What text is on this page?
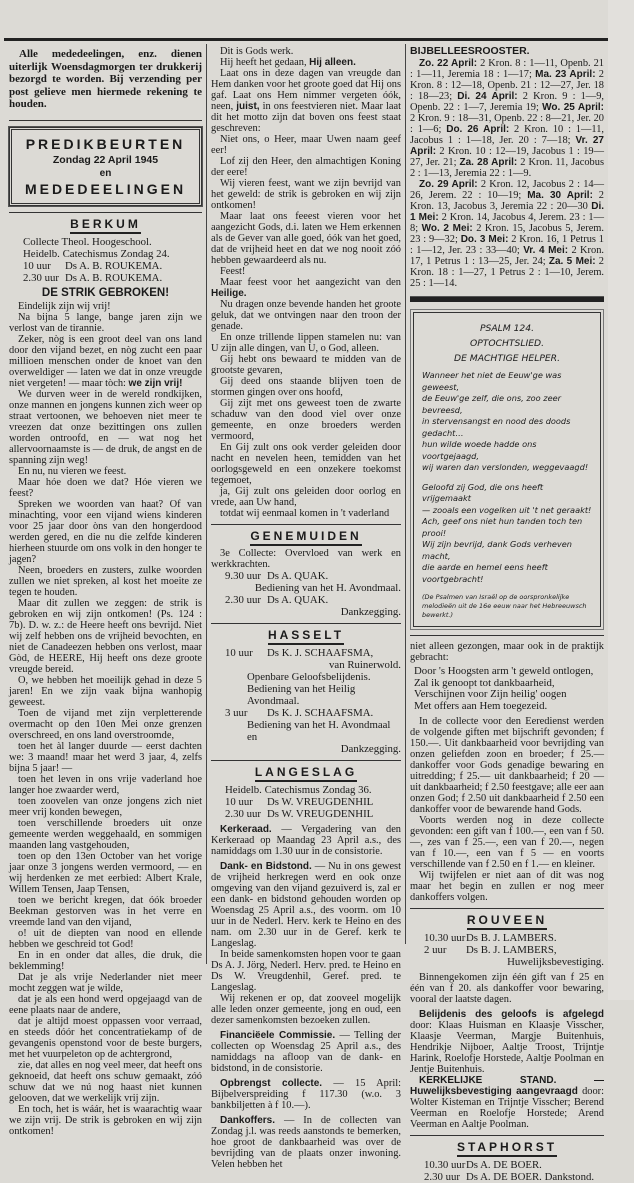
Alle mededeelingen, enz. dienen uiterlijk Woensdagmorgen ter drukkerij bezorgd te worden. Bij verzending per post gelieve men hiermede rekening te houden.
PREDIKBEURTEN
Zondag 22 April 1945
en
MEDEDEELINGEN
BERKUM
Collecte Theol. Hoogeschool.
Heidelb. Catechismus Zondag 24.
10 uur	Ds A. B. ROUKEMA.
2.30 uur Ds A. B. ROUKEMA.
DE STRIK GEBROKEN!

Eindelijk zijn wij vrij!

Na bijna 5 lange, bange jaren zijn we verlost van de tirannie.

Zeker, nòg is een groot deel van ons land door den vijand bezet, en nòg zucht een paar millioen menschen onder de knoet van den overweldiger — laten we dat in onze vreugde niet vergeten! — maar tòch: we zijn vrij!

We durven weer in de wereld rondkijken, onze mannen en jongens kunnen zich weer op straat vertoonen, we behoeven niet meer te vreezen dat onze bezittingen ons zullen worden ontroofd, en — wat nog het allervoornaamste is — de druk, de angst en de spanning zijn weg!

En nu, nu vieren we feest.

Maar hóe doen we dat? Hóe vieren we feest?

Spreken we woorden van haat? Of van minachting, voor een vijand wiens kinderen voor 25 jaar door òns van den hongerdood werden gered, en die nu die zelfde kinderen hierheen stuurde om ons volk in den honger te jagen?

Neen, broeders en zusters, zulke woorden zullen we niet spreken, al kost het moeite ze tegen te houden.

Maar dit zullen we zeggen: de strik is gebroken en wij zijn ontkomen! (Ps. 124 : 7b). D. w. z.: de Heere heeft ons bevrijd. Niet wij zelf hebben ons de vrijheid bevochten, en niet de Canadeezen hebben ons verlost, maar Gòd, de HEERE, Hij heeft ons deze groote vreugde bereid.

O, we hebben het moeilijk gehad in deze 5 jaren! En we zijn vaak bijna wanhopig geweest.

Toen de vijand met zijn verpletterende overmacht op den 10en Mei onze grenzen overschreed, en ons land overstroomde,

toen het àl langer duurde — eerst dachten we: 3 maand! maar het werd 3 jaar, 4, zelfs bijna 5 jaar! —

toen het leven in ons vrije vaderland hoe langer hoe zwaarder werd,

toen zoovelen van onze jongens zich niet meer vrij konden bewegen,

toen verschillende broeders uit onze gemeente werden weggehaald, en sommigen maanden lang vastgehouden,

toen op den 13en October van het vorige jaar onze 3 jongens werden vermoord, — en wij herdenken ze met eerbied: Albert Krale, Willem Tensen, Jaap Tensen,

toen we bericht kregen, dat óók broeder Beekman gestorven was in het verre en vreemde land van den vijand,

o! uit de diepten van nood en ellende hebben we geschreid tot God!

En in en onder dat alles, die druk, die beklemming!

Dat je als vrije Nederlander niet meer mocht zeggen wat je wilde,

dat je als een hond werd opgejaagd van de eene plaats naar de andere,

dat je altijd moest oppassen voor verraad, en steeds dóór het concentratiekamp of de gevangenis openstond voor de beste burgers, met het vuurpeleton op de achtergrond,

zie, dat alles en nog veel meer, dat heeft ons geknoeid, dat heeft ons schuw gemaakt, zóó schuw dat we nú nog haast niet kunnen gelooven, dat we werkelijk vrij zijn.

En toch, het is wáár, het is waarachtig waar we zijn vrij. De strik is gebroken en wij zijn ontkomen!

Dit is Gods werk.

Hij heeft het gedaan, Hij alleen.

Laat ons in deze dagen van vreugde dan Hem danken voor het groote goed dat Hij ons gaf. Laat ons Hem nimmer vergeten óók, neen, juist, in ons feestvieren niet. Maar laat dit het motto zijn dat boven ons feest staat geschreven:

Niet ons, o Heer, maar Uwen naam geef eer!

Lof zij den Heer, den almachtigen Koning der eere!

Wij vieren feest, want we zijn bevrijd van het geweld: de strik is gebroken en wij zijn ontkomen!

Maar laat ons feeest vieren voor het aangezicht Gods, d.i. laten we Hem erkennen als de Gever van alle goed, óók van het goed, dat de vrijheid heet en dat we nog nooit zóó hebben gewaardeerd als nu.

Feest!

Maar feest voor het aangezicht van den Heilige.

Nu dragen onze bevende handen het groote geluk, dat we ontvingen naar den troon der genade.

En onze trillende lippen stamelen nu: van U zijn alle dingen, van U, o God, alleen.

Gij hebt ons bewaard te midden van de grootste gevaren,

Gij deed ons staande blijven toen de stormen gingen over ons hoofd,

Gij zijt met ons geweest toen de zwarte schaduw van den dood viel over onze gemeente, en onze broeders werden vermoord,

En Gij zult ons ook verder geleiden door nacht en nevelen heen, temidden van het oorlogsgeweld en een onzekere toekomst tegemoet,

ja, Gij zult ons geleiden door oorlog en vrede, aan Uw hand,

totdat wij eenmaal komen in 't vaderland

GENEMUIDEN

3e Collecte: Overvloed van werk en werkkrachten.

9.30 uur Ds A. QUAK.
Bediening van het H. Avondmaal.
2.30 uur Ds A. QUAK.
Dankzegging.
HASSELT
10 uur	Ds K. J. SCHAAFSMA,
van Ruinerwold.
Openbare Geloofsbelijdenis.
Bediening van het Heilig Avondmaal.
3 uur	Ds K. J. SCHAAFSMA.
Bediening van het H. Avondmaal en
Dankzegging.
LANGESLAG
Heidelb. Catechismus Zondag 36.
10 uur	Ds W. VREUGDENHIL
2.30 uur Ds W. VREUGDENHIL

Kerkeraad. — Vergadering van den Kerkeraad op Maandag 23 April a.s., des namiddags om 1.30 uur in de consistorie.

Dank- en Bidstond. — Nu in ons gewest de vrijheid herkregen werd en ook onze omgeving van den vijand gezuiverd is, zal er een dank- en bidstond gehouden worden op Woensdag 25 April a.s., des voorm. om 10 uur in de Nederl. Herv. kerk te Heino en des nam. om 2.30 uur in de Geref. kerk te Langeslag.

In beide samenkomsten hopen voor te gaan Ds A. J. Jörg, Nederl. Herv. pred. te Heino en Ds W. Vreugdenhil, Geref. pred. te Langeslag.

Wij rekenen er op, dat zooveel mogelijk alle leden onzer gemeente, jong en oud, een dezer samenkomsten bezoeken zullen.

Financiëele Commissie. — Telling der collecten op Woensdag 25 April a.s., des namiddags na afloop van de dank- en bidstond, in de consistorie.

Opbrengst collecte. — 15 April: Bijbelverspreiding f 117.30 (w.o. 3 bankbiljetten à f 10.—).

Dankoffers. — In de collecten van Zondag j.l. was reeds aanstonds te bemerken, hoe groot de dankbaarheid was over de bevrijding van de plaats onzer inwoning. Velen hebben het

BIJBELLEESROOSTER.

Zo. 22 April: 2 Kron. 8 : 1—11, Openb. 21 : 1—11, Jeremia 18 : 1—17; Ma. 23 April: 2 Kron. 8 : 12—18, Openb. 21 : 12—27, Jer. 18 : 18—23; Di. 24 April: 2 Kron. 9 : 1—9, Openb. 22 : 1—7, Jeremia 19; Wo. 25 April: 2 Kron. 9 : 18—31, Openb. 22 : 8—21, Jer. 20 : 1—6; Do. 26 April: 2 Kron. 10 : 1—11, Jacobus 1 : 1—18, Jer. 20 : 7—18; Vr. 27 April: 2 Kron. 10 : 12—19, Jacobus 1 : 19—27, Jer. 21; Za. 28 April: 2 Kron. 11, Jacobus 2 : 1—13, Jeremia 22 : 1—9.

Zo. 29 April: 2 Kron. 12, Jacobus 2 : 14—26, Jerem. 22 : 10—19; Ma. 30 April: 2 Kron. 13, Jacobus 3, Jeremia 22 : 20—30 Di. 1 Mei: 2 Kron. 14, Jacobus 4, Jerem. 23 : 1—8; Wo. 2 Mei: 2 Kron. 15, Jacobus 5, Jerem. 23 : 9—32; Do. 3 Mei: 2 Kron. 16, 1 Petrus 1 : 1—12, Jer. 23 : 33—40; Vr. 4 Mei: 2 Kron. 17, 1 Petrus 1 : 13—25, Jer. 24; Za. 5 Mei: 2 Kron. 18 : 1—27, 1 Petrus 2 : 1—10, Jerem. 25 : 1—14.

PSALM 124.
OPTOCHTSLIED.
DE MACHTIGE HELPER.
Wanneer het niet de Eeuw'ge was geweest,
de Eeuw'ge zelf, die ons, zoo zeer bevreesd,
in stervensangst en nood des doods gedacht…
hun wilde woede hadde ons voortgejaagd,
wij waren dan verslonden, weggevaagd!
Geloofd zij God, die ons heeft vrijgemaakt
— zooals een vogelken uit 't net geraakt!
Ach, geef ons niet hun tanden toch ten prooi!
Wij zijn bevrijd, dank Gods verheven macht,
die aarde en hemel eens heeft voortgebracht!
(De Psalmen van Israël op de oorspronkelijke melodieën uit de 16e eeuw naar het Hebreeuwsch bewerkt.)

niet alleen gezongen, maar ook in de praktijk gebracht:

Door 's Hoogsten arm 't geweld ontlogen,
Zal ik genoopt tot dankbaarheid,
Verschijnen voor Zijn heilig' oogen
Met offers aan Hem toegezeid.

In de collecte voor den Eeredienst werden de volgende giften met bijschrift gevonden; f 150.—. Uit dankbaarheid voor bevrijding van onzen geliefden zoon en broeder; f 25.— dankoffer voor Gods genadige bewaring en uitredding; f 25.— uit dankbaarheid; f 20 — uit dankbaarheid; f 2.50 feestgave; alle eer aan onzen God; f 2.50 uit dankbaarheid f 2.50 een dankoffer voor de bewarende hand Gods.

Voorts werden nog in deze collecte gevonden: een gift van f 100.—, een van f 50.—, zes van f 25.—, een van f 20.—, negen van f 10.—, een van f 5 — en voorts verschillende van f 2.50 en f 1.— en kleiner.

Wij twijfelen er niet aan of dit was nog maar het begin en zullen er nog meer dankoffers volgen.

ROUVEEN
10.30 uur Ds B. J. LAMBERS.
2 uur	Ds B. J. LAMBERS,
Huwelijksbevestiging.

Binnengekomen zijn één gift van f 25 en één van f 20. als dankoffer voor bewaring, vooral der laatste dagen.

Belijdenis des geloofs is afgelegd door: Klaas Huisman en Klaasje Visscher, Klaasje Veerman, Margje Buitenhuis, Hendrikje Nijboer, Aaltje Troost, Trijntje Harink, Roelofje Horstede, Aaltje Poolman en Jentje Buitenhuis.

KERKELIJKE STAND. — Huwelijksbevestiging aangevraagd door: Wolter Kisteman en Trijntje Visscher; Berend Veerman en Roelofje Horstede; Arend Veerman en Aaltje Poolman.

STAPHORST
10.30 uur Ds A. DE BOER.
2.30 uur Ds A. DE BOER. Dankstond.
